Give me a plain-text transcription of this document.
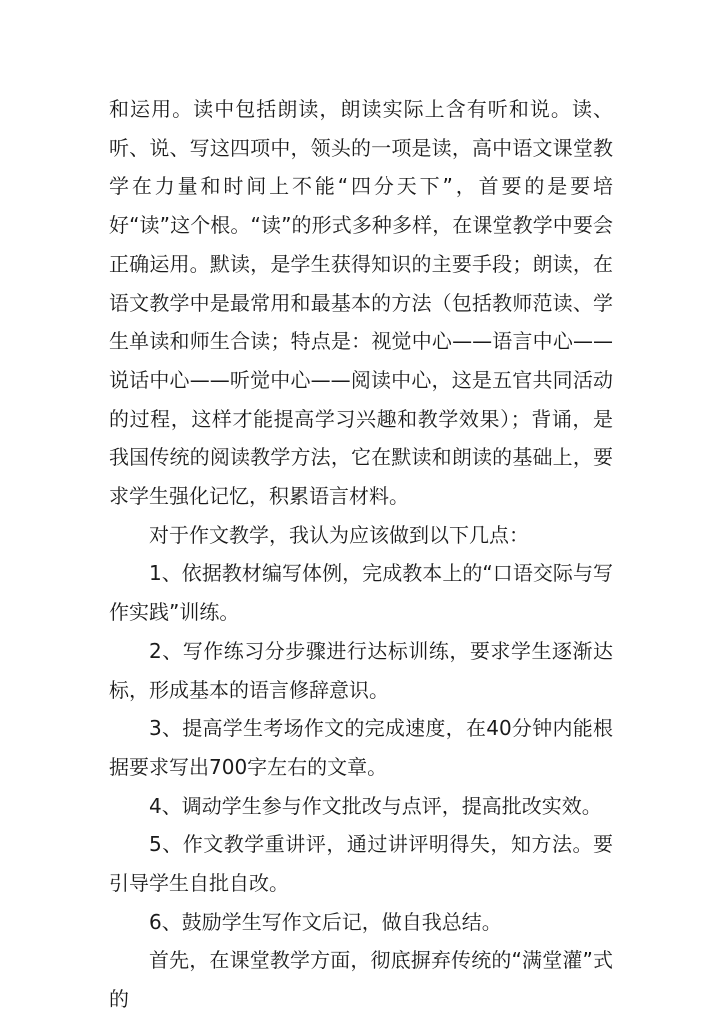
和运用。读中包括朗读，朗读实际上含有听和说。读、听、说、写这四项中，领头的一项是读，高中语文课堂教学在力量和时间上不能“四分天下”，首要的是要培好“读”这个根。“读”的形式多种多样，在课堂教学中要会正确运用。默读，是学生获得知识的主要手段；朗读，在语文教学中是最常用和最基本的方法（包括教师范读、学生单读和师生合读；特点是：视觉中心——语言中心——说话中心——听觉中心——阅读中心，这是五官共同活动的过程，这样才能提高学习兴趣和教学效果）；背诵，是我国传统的阅读教学方法，它在默读和朗读的基础上，要求学生强化记忆，积累语言材料。

对于作文教学，我认为应该做到以下几点：

1、依据教材编写体例，完成教本上的“口语交际与写作实践”训练。

2、写作练习分步骤进行达标训练，要求学生逐渐达标，形成基本的语言修辞意识。

3、提高学生考场作文的完成速度，在40分钟内能根据要求写出700字左右的文章。

4、调动学生参与作文批改与点评，提高批改实效。

5、作文教学重讲评，通过讲评明得失，知方法。要引导学生自批自改。

6、鼓励学生写作文后记，做自我总结。

首先，在课堂教学方面，彻底摒弃传统的“满堂灌”式的
